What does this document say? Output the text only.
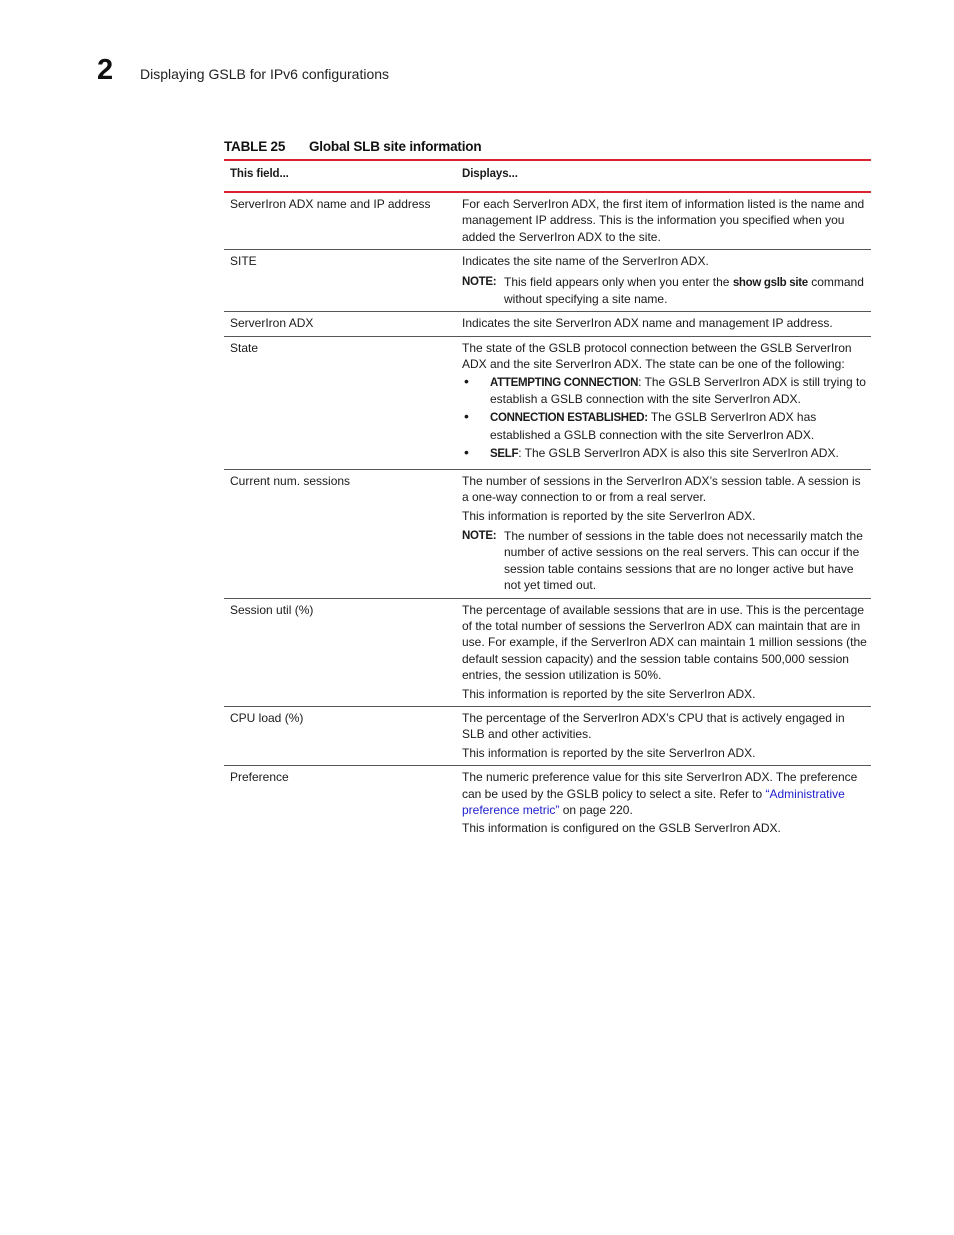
2 Displaying GSLB for IPv6 configurations
TABLE 25 Global SLB site information
This field...	Displays...
ServerIron ADX name and IP address	For each ServerIron ADX, the first item of information listed is the name and management IP address. This is the information you specified when you added the ServerIron ADX to the site.

SITE	Indicates the site name of the ServerIron ADX.

NOTE: This field appears only when you enter the show gslb site command without specifying a site name.
ServerIron ADX	Indicates the site ServerIron ADX name and management IP address.

State	The state of the GSLB protocol connection between the GSLB ServerIron ADX and the site ServerIron ADX. The state can be one of the following:

• ATTEMPTING CONNECTION: The GSLB ServerIron ADX is still trying to establish a GSLB connection with the site ServerIron ADX.
• CONNECTION ESTABLISHED: The GSLB ServerIron ADX has established a GSLB connection with the site ServerIron ADX.
• SELF: The GSLB ServerIron ADX is also this site ServerIron ADX.
Current num. sessions	The number of sessions in the ServerIron ADX’s session table. A session is a one-way connection to or from a real server.

This information is reported by the site ServerIron ADX.

NOTE: The number of sessions in the table does not necessarily match the number of active sessions on the real servers. This can occur if the session table contains sessions that are no longer active but have not yet timed out.
Session util (%)	The percentage of available sessions that are in use. This is the percentage of the total number of sessions the ServerIron ADX can maintain that are in use. For example, if the ServerIron ADX can maintain 1 million sessions (the default session capacity) and the session table contains 500,000 session entries, the session utilization is 50%.

This information is reported by the site ServerIron ADX.

CPU load (%)	The percentage of the ServerIron ADX’s CPU that is actively engaged in SLB and other activities.

This information is reported by the site ServerIron ADX.

Preference	The numeric preference value for this site ServerIron ADX. The preference can be used by the GSLB policy to select a site. Refer to “Administrative preference metric” on page 220.

This information is configured on the GSLB ServerIron ADX.
